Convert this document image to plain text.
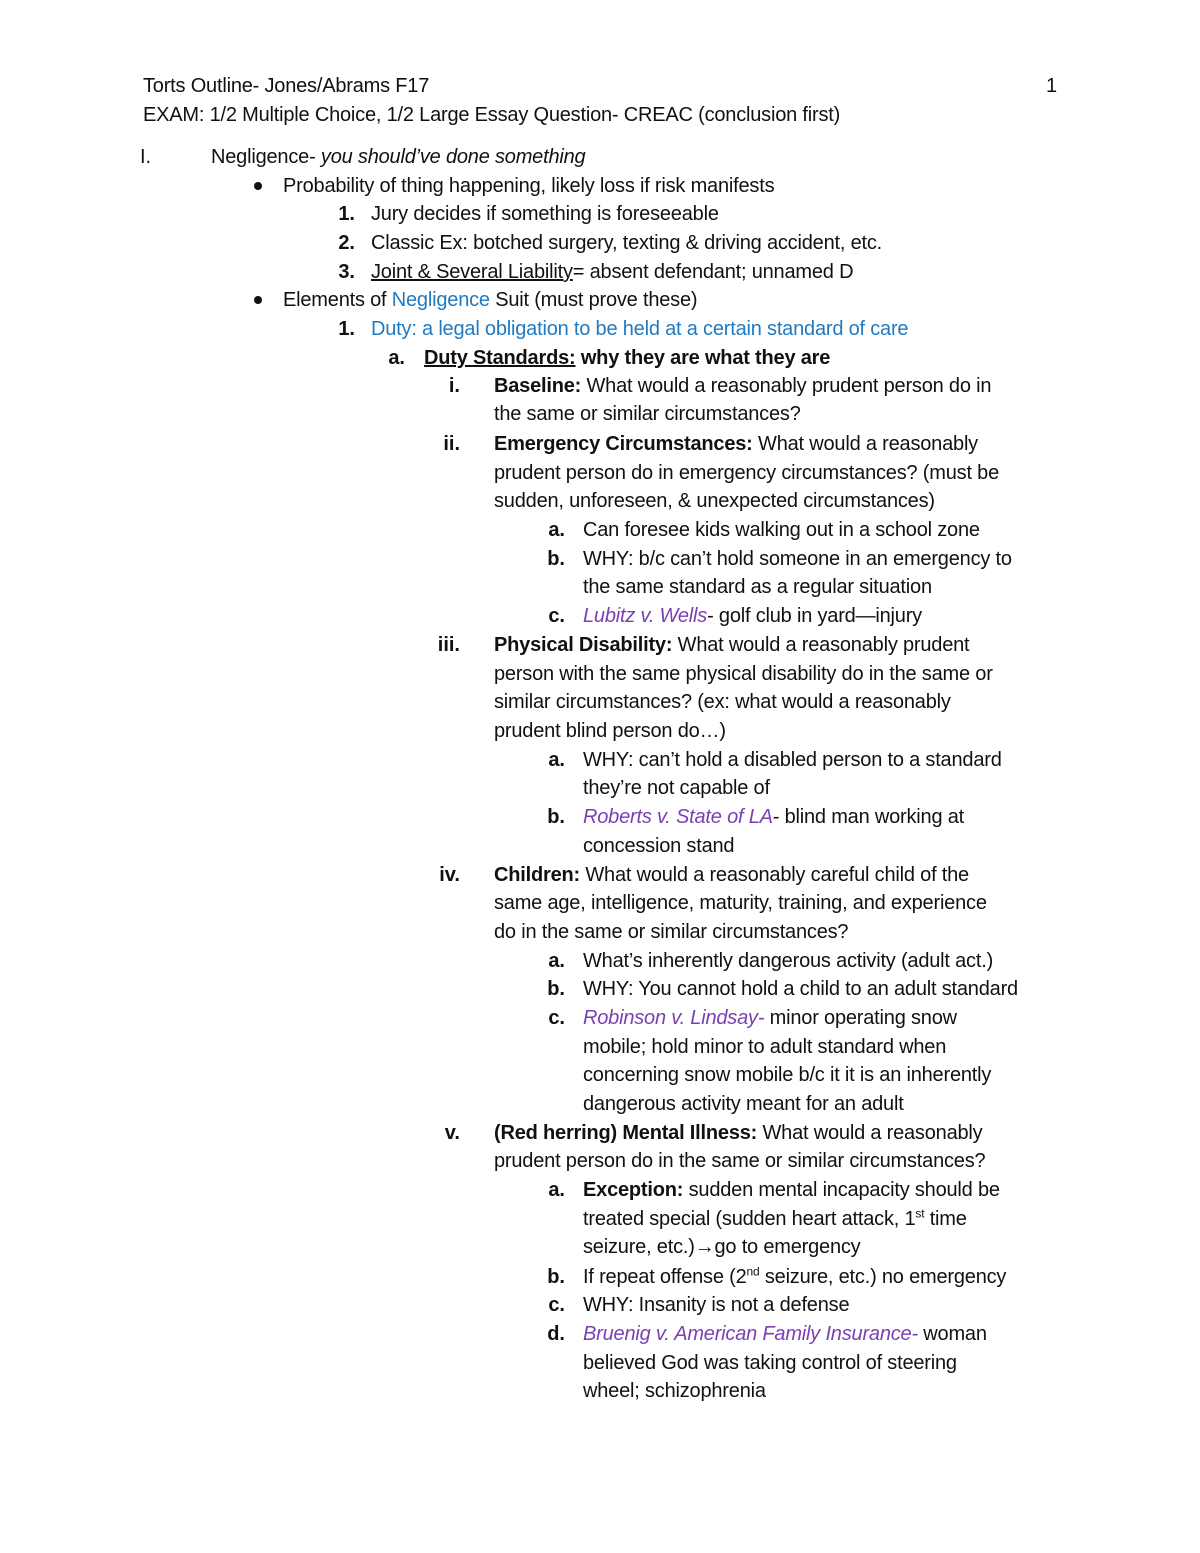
Torts Outline- Jones/Abrams F17	1
EXAM: 1/2 Multiple Choice, 1/2 Large Essay Question- CREAC (conclusion first)
I.	Negligence- you should’ve done something
Probability of thing happening, likely loss if risk manifests
1. Jury decides if something is foreseeable
2. Classic Ex: botched surgery, texting & driving accident, etc.
3. Joint & Several Liability= absent defendant; unnamed D
Elements of Negligence Suit (must prove these)
1. Duty: a legal obligation to be held at a certain standard of care
a. Duty Standards: why they are what they are
i. Baseline: What would a reasonably prudent person do in
the same or similar circumstances?
ii. Emergency Circumstances: What would a reasonably
prudent person do in emergency circumstances? (must be
sudden, unforeseen, & unexpected circumstances)
a. Can foresee kids walking out in a school zone
b. WHY: b/c can’t hold someone in an emergency to
the same standard as a regular situation
c. Lubitz v. Wells- golf club in yard—injury
iii. Physical Disability: What would a reasonably prudent
person with the same physical disability do in the same or
similar circumstances? (ex: what would a reasonably
prudent blind person do…)
a. WHY: can’t hold a disabled person to a standard
they’re not capable of
b. Roberts v. State of LA- blind man working at
concession stand
iv. Children: What would a reasonably careful child of the
same age, intelligence, maturity, training, and experience
do in the same or similar circumstances?
a. What’s inherently dangerous activity (adult act.)
b. WHY: You cannot hold a child to an adult standard
c. Robinson v. Lindsay- minor operating snow
mobile; hold minor to adult standard when
concerning snow mobile b/c it it is an inherently
dangerous activity meant for an adult
v. (Red herring) Mental Illness: What would a reasonably
prudent person do in the same or similar circumstances?
a. Exception: sudden mental incapacity should be
treated special (sudden heart attack, 1st time
seizure, etc.)→go to emergency
b. If repeat offense (2nd seizure, etc.) no emergency
c. WHY: Insanity is not a defense
d. Bruenig v. American Family Insurance- woman
believed God was taking control of steering
wheel; schizophrenia
